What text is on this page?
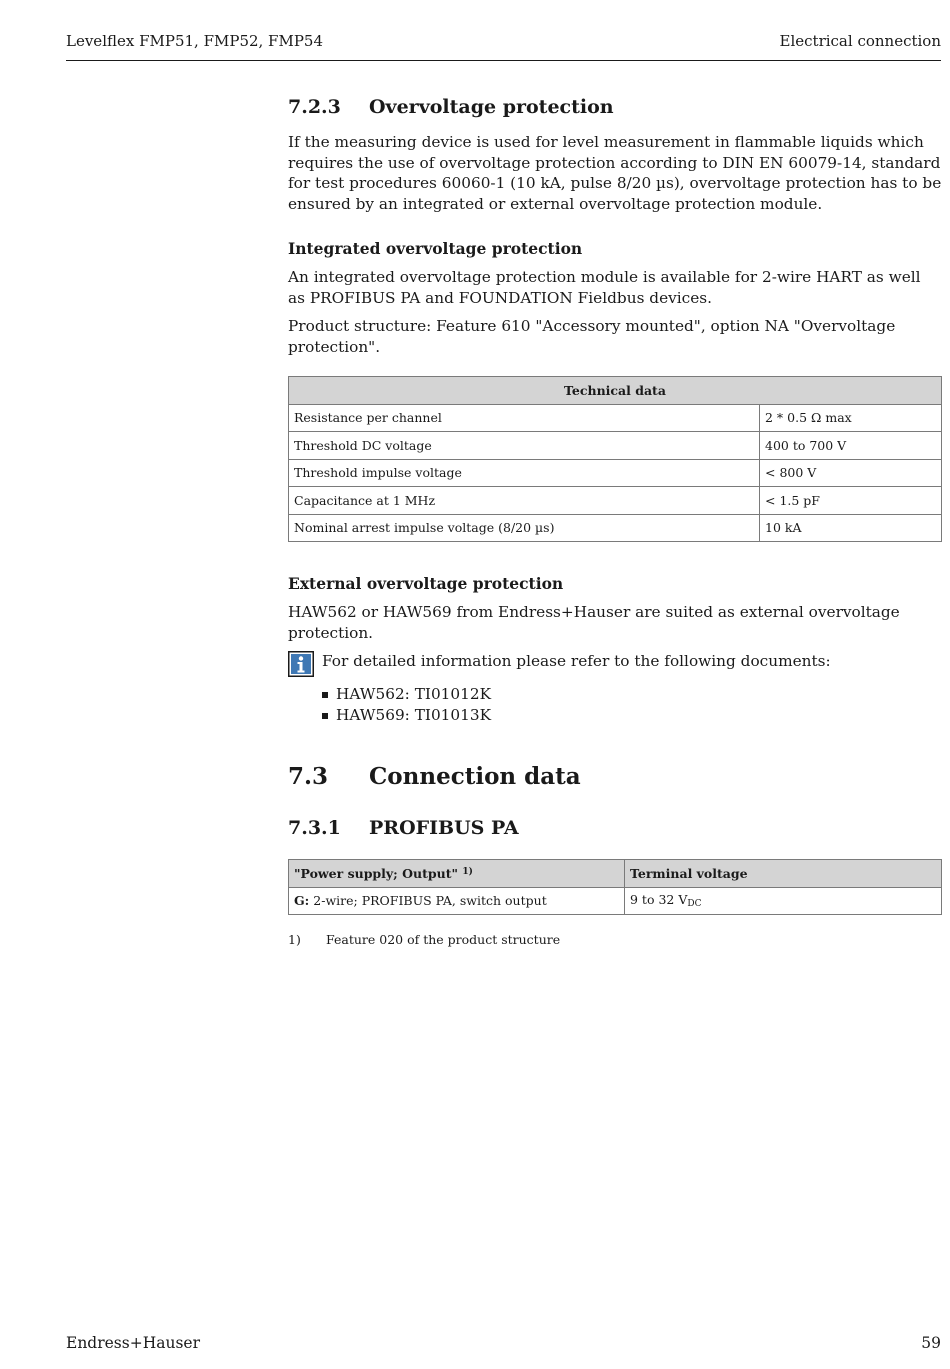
Levelflex FMP51, FMP52, FMP54	Electrical connection
7.2.3	Overvoltage protection

If the measuring device is used for level measurement in flammable liquids which requires the use of overvoltage protection according to DIN EN 60079-14, standard for test procedures 60060-1 (10 kA, pulse 8/20 µs), overvoltage protection has to be ensured by an integrated or external overvoltage protection module.

Integrated overvoltage protection

An integrated overvoltage protection module is available for 2-wire HART as well as PROFIBUS PA and FOUNDATION Fieldbus devices.

Product structure: Feature 610 "Accessory mounted", option NA "Overvoltage protection".

Technical data	
Resistance per channel	2 * 0.5 Ω max
Threshold DC voltage	400 to 700 V
Threshold impulse voltage	< 800 V
Capacitance at 1 MHz	< 1.5 pF
Nominal arrest impulse voltage (8/20 µs)	10 kA
External overvoltage protection

HAW562 or HAW569 from Endress+Hauser are suited as external overvoltage protection.

For detailed information please refer to the following documents:

HAW562: TI01012K
HAW569: TI01013K
7.3	Connection data
7.3.1	PROFIBUS PA
"Power supply; Output" $^{1)}$	Terminal voltage
G: 2-wire; PROFIBUS PA, switch output	9 to 32 $V_{DC}$
1)	Feature 020 of the product structure
Endress+Hauser	59
